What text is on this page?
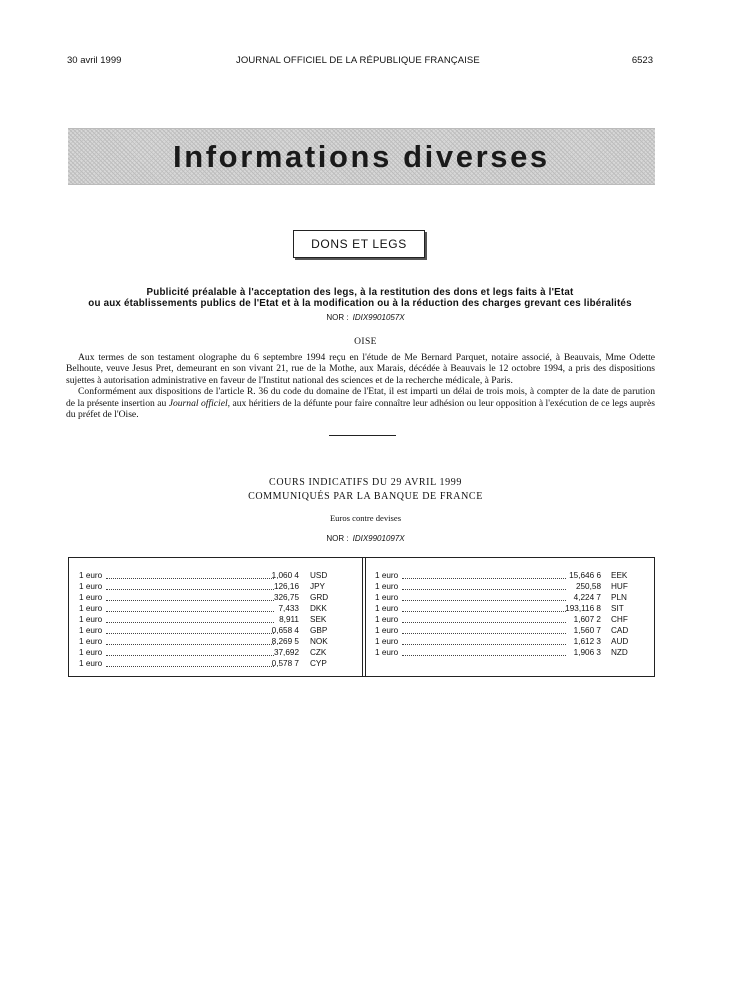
30 avril 1999	JOURNAL OFFICIEL DE LA RÉPUBLIQUE FRANÇAISE	6523
Informations diverses
DONS ET LEGS
Publicité préalable à l'acceptation des legs, à la restitution des dons et legs faits à l'Etat
ou aux établissements publics de l'Etat et à la modification ou à la réduction des charges grevant ces libéralités
NOR : IDIX9901057X
OISE

Aux termes de son testament olographe du 6 septembre 1994 reçu en l'étude de Me Bernard Parquet, notaire associé, à Beauvais, Mme Odette Belhoute, veuve Jesus Pret, demeurant en son vivant 21, rue de la Mothe, aux Marais, décédée à Beauvais le 12 octobre 1994, a pris des dispositions sujettes à autorisation administrative en faveur de l'Institut national des sciences et de la recherche médicale, à Paris.

Conformément aux dispositions de l'article R. 36 du code du domaine de l'Etat, il est imparti un délai de trois mois, à compter de la date de parution de la présente insertion au Journal officiel, aux héritiers de la défunte pour faire connaître leur adhésion ou leur opposition à l'exécution de ce legs auprès du préfet de l'Oise.

COURS INDICATIFS DU 29 AVRIL 1999
COMMUNIQUÉS PAR LA BANQUE DE FRANCE
Euros contre devises
NOR : IDIX9901097X
1 euro	1,060 4 USD
1 euro	126,16 JPY
1 euro	326,75 GRD
1 euro	7,433 DKK
1 euro	8,911 SEK
1 euro	0,658 4 GBP
1 euro	8,269 5 NOK
1 euro	37,692 CZK
1 euro	0,578 7 CYP
1 euro	15,646 6 EEK
1 euro	250,58 HUF
1 euro	4,224 7 PLN
1 euro	193,116 8 SIT
1 euro	1,607 2 CHF
1 euro	1,560 7 CAD
1 euro	1,612 3 AUD
1 euro	1,906 3 NZD
